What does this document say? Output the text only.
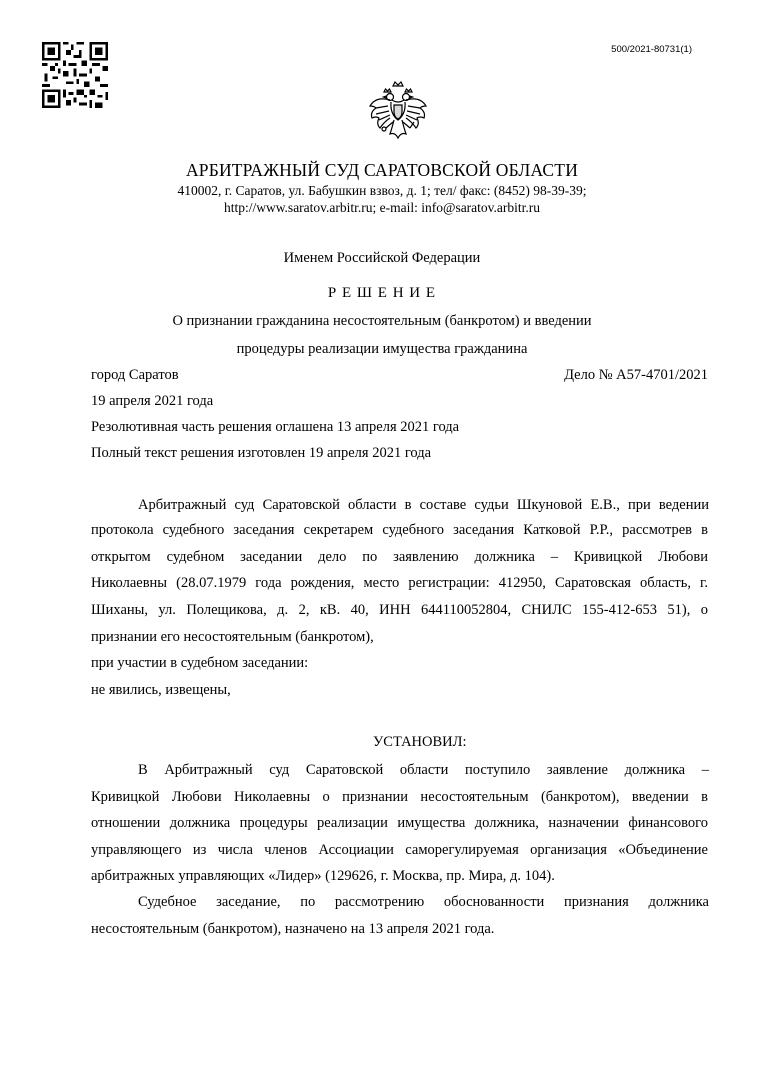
500/2021-80731(1)
АРБИТРАЖНЫЙ СУД САРАТОВСКОЙ ОБЛАСТИ
410002, г. Саратов, ул. Бабушкин взвоз, д. 1; тел/ факс: (8452) 98-39-39;
http://www.saratov.arbitr.ru; e-mail: info@saratov.arbitr.ru
Именем Российской Федерации
Р Е Ш Е Н И Е
О признании гражданина несостоятельным (банкротом) и введении
процедуры реализации имущества гражданина
город Саратов	Дело № А57-4701/2021
19 апреля 2021 года
Резолютивная часть решения оглашена 13 апреля 2021 года
Полный текст решения изготовлен 19 апреля 2021 года
Арбитражный суд Саратовской области в составе судьи Шкуновой Е.В., при ведении
протокола судебного заседания секретарем судебного заседания Катковой Р.Р., рассмотрев в
открытом судебном заседании дело по заявлению должника – Кривицкой Любови
Николаевны (28.07.1979 года рождения, место регистрации: 412950, Саратовская область, г.
Шиханы, ул. Полещикова, д. 2, кВ. 40, ИНН 644110052804, СНИЛС 155-412-653 51), о
признании его несостоятельным (банкротом),
при участии в судебном заседании:
не явились, извещены,
УСТАНОВИЛ:
В Арбитражный суд Саратовской области поступило заявление должника –
Кривицкой Любови Николаевны о признании несостоятельным (банкротом), введении в
отношении должника процедуры реализации имущества должника, назначении финансового
управляющего из числа членов Ассоциации саморегулируемая организация «Объединение
арбитражных управляющих «Лидер» (129626, г. Москва, пр. Мира, д. 104).
Судебное заседание, по рассмотрению обоснованности признания должника
несостоятельным (банкротом), назначено на 13 апреля 2021 года.
